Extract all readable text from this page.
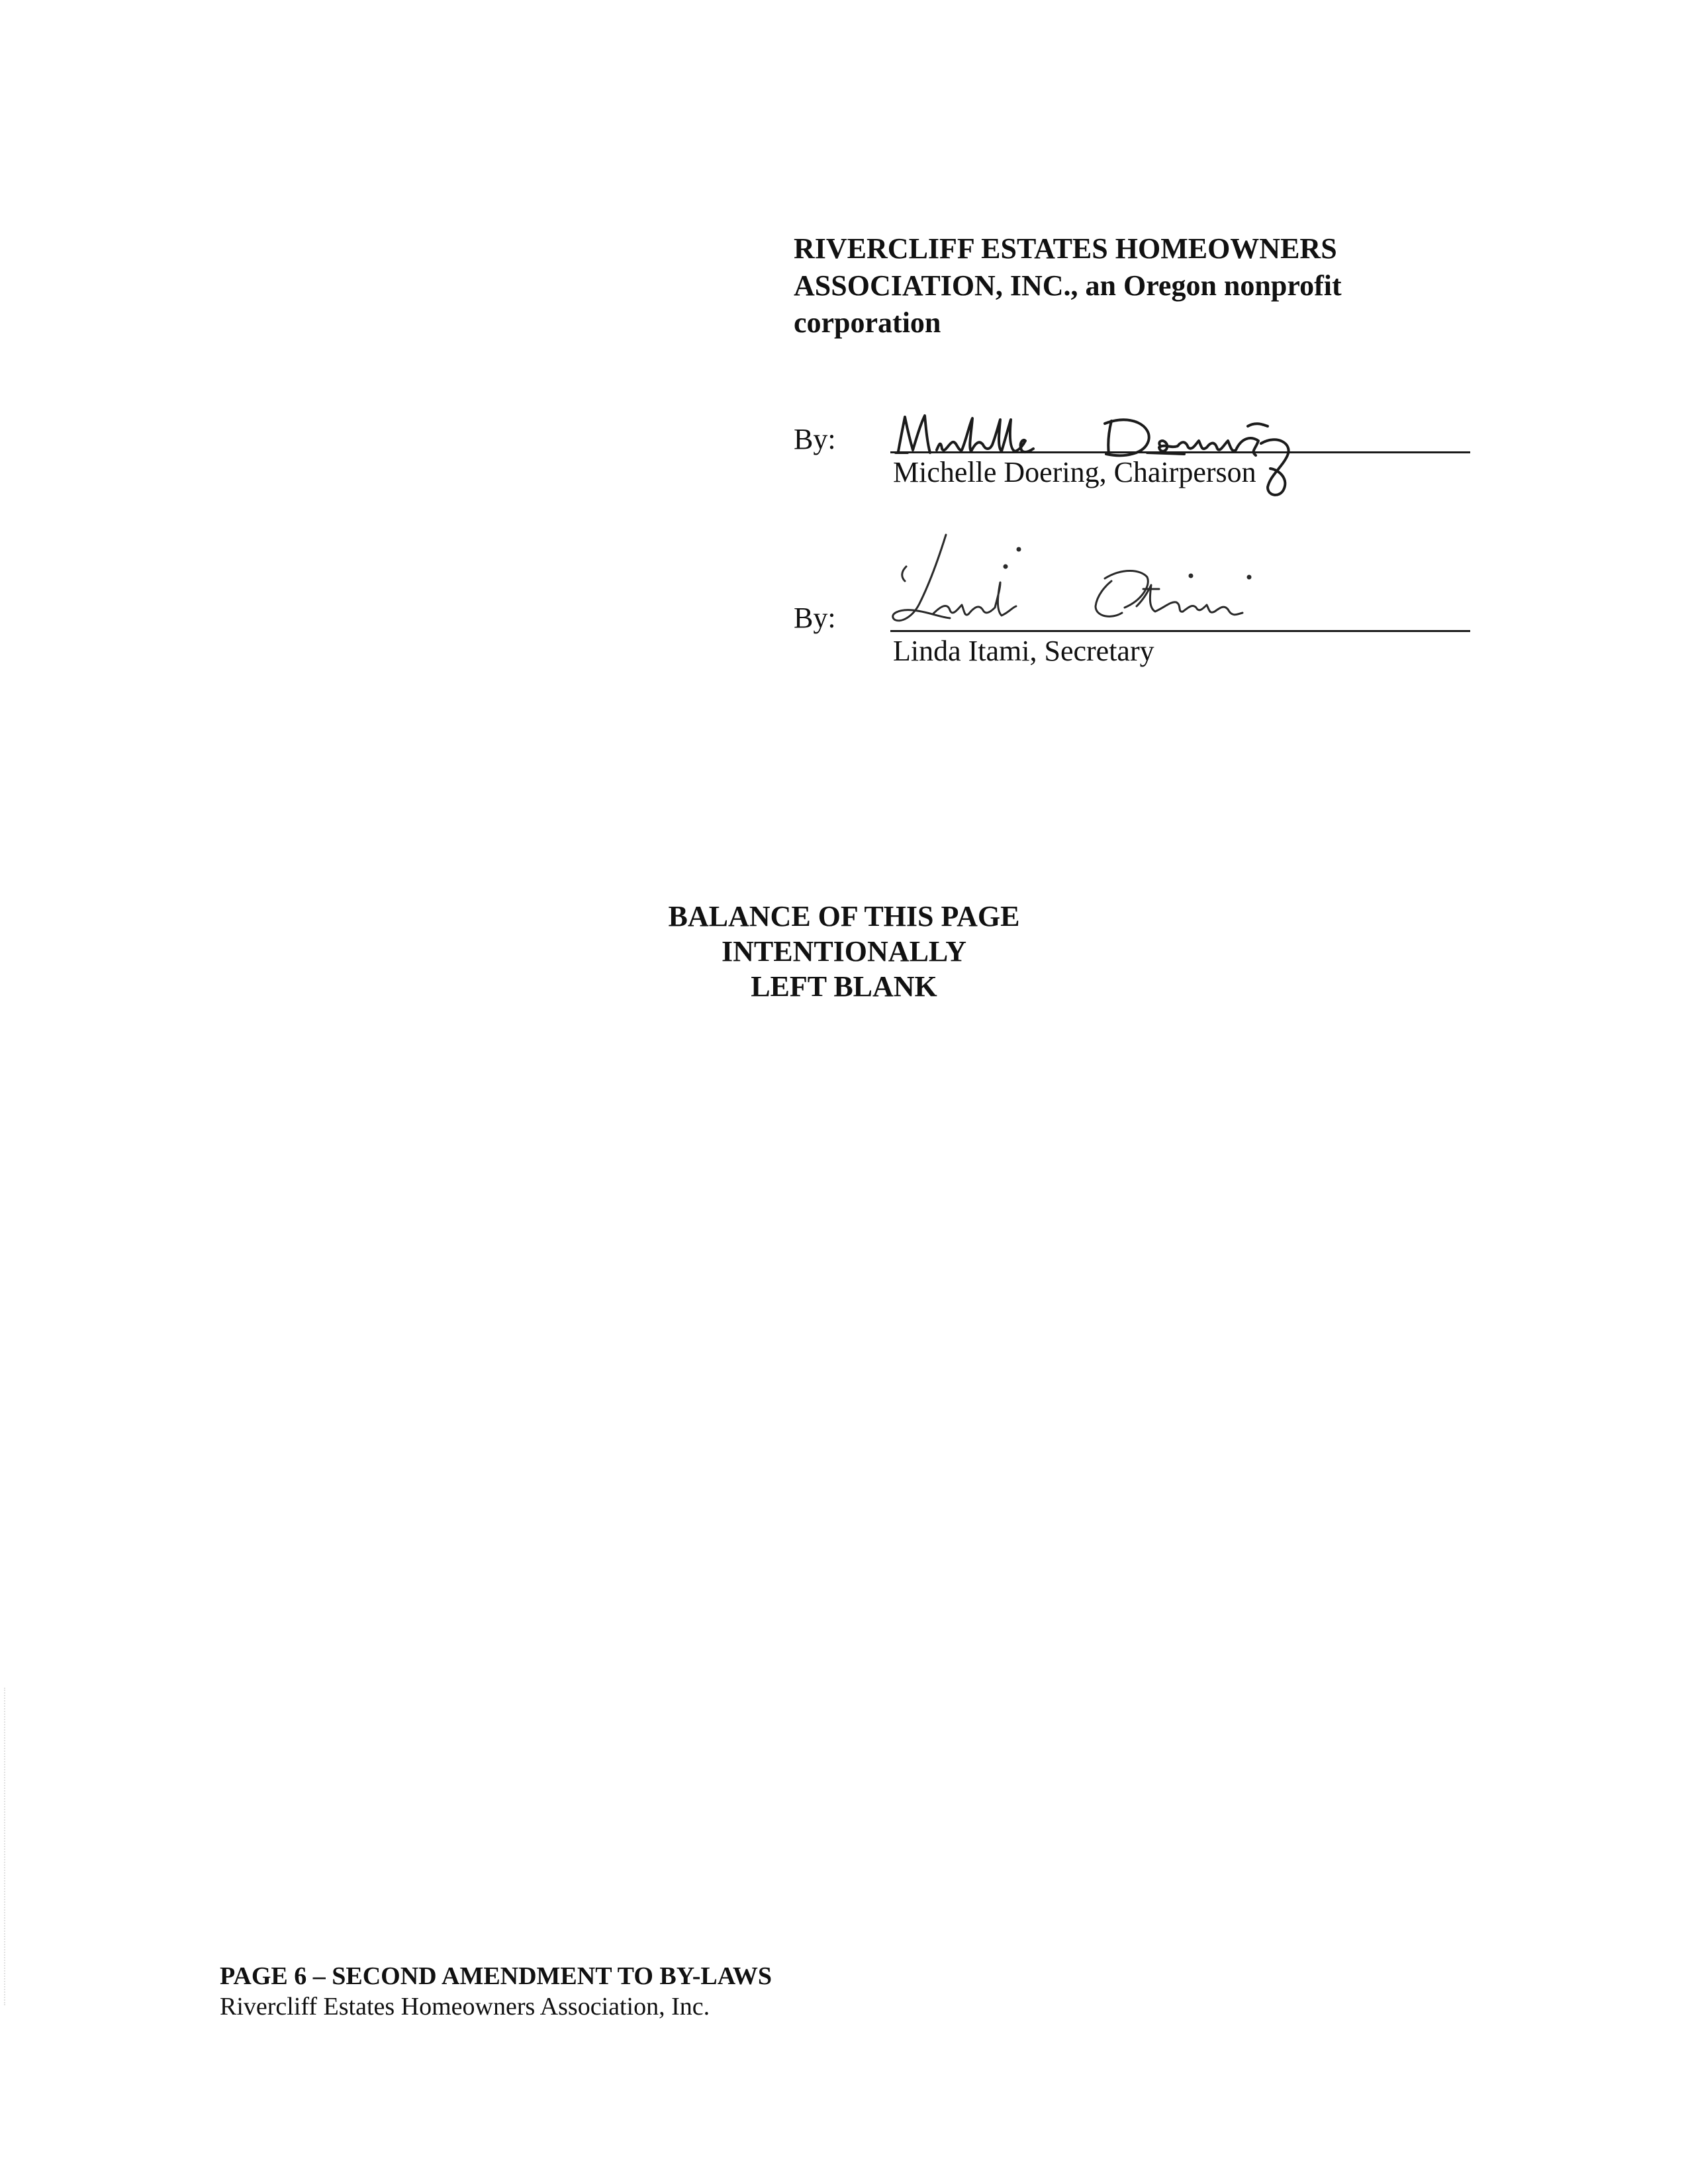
RIVERCLIFF ESTATES HOMEOWNERS
ASSOCIATION, INC., an Oregon nonprofit
corporation
By:	Michelle Doering
Michelle Doering, Chairperson
By:	Linda Itami
Linda Itami, Secretary
BALANCE OF THIS PAGE
INTENTIONALLY
LEFT BLANK
PAGE 6 – SECOND AMENDMENT TO BY-LAWS
Rivercliff Estates Homeowners Association, Inc.
